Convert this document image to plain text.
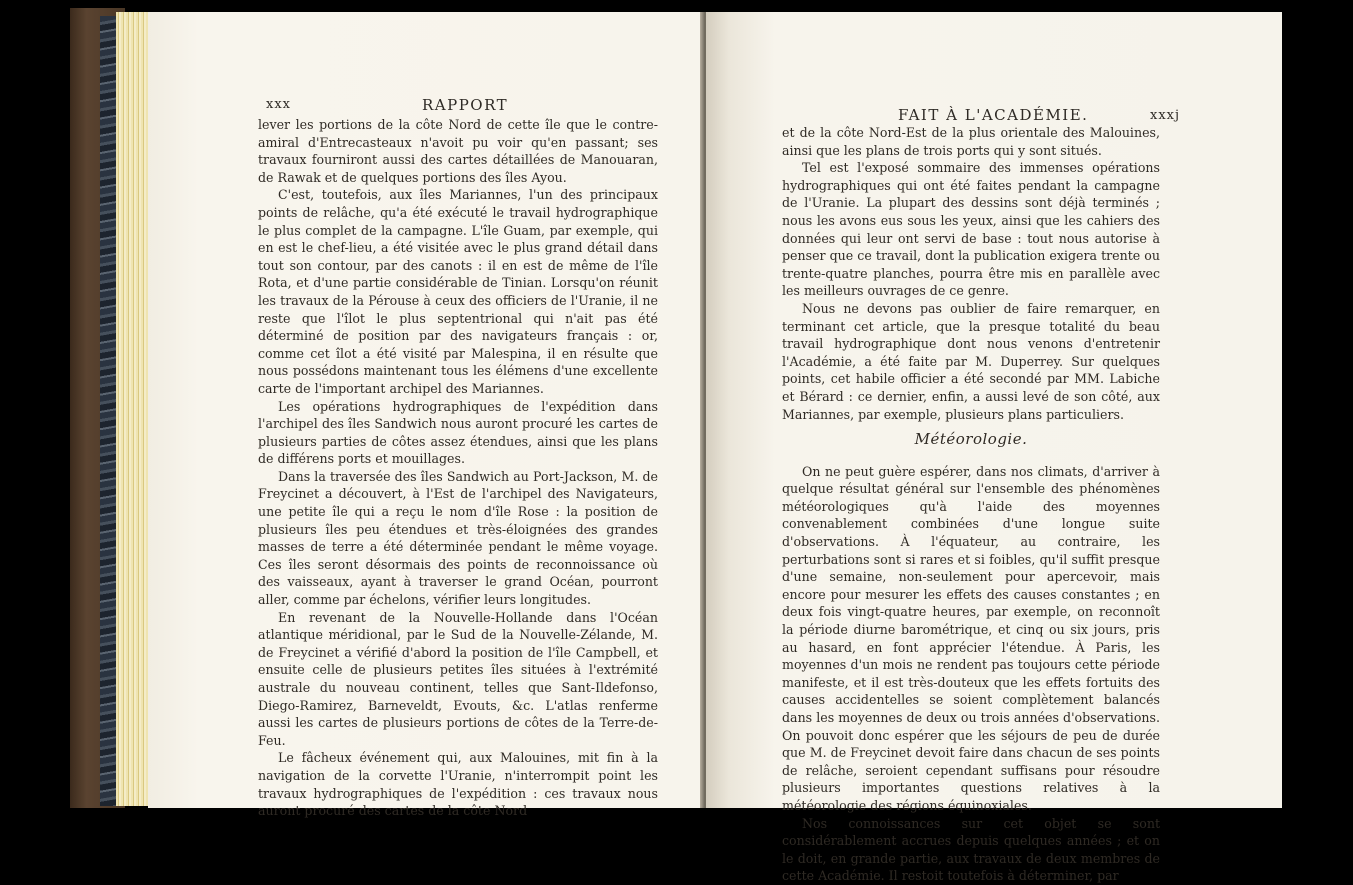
xxx	RAPPORT

lever les portions de la côte Nord de cette île que le contre-amiral d'Entrecasteaux n'avoit pu voir qu'en passant; ses travaux fourniront aussi des cartes détaillées de Manouaran, de Rawak et de quelques portions des îles Ayou.

C'est, toutefois, aux îles Mariannes, l'un des principaux points de relâche, qu'a été exécuté le travail hydrographique le plus complet de la campagne. L'île Guam, par exemple, qui en est le chef-lieu, a été visitée avec le plus grand détail dans tout son contour, par des canots : il en est de même de l'île Rota, et d'une partie considérable de Tinian. Lorsqu'on réunit les travaux de la Pérouse à ceux des officiers de l'Uranie, il ne reste que l'îlot le plus septentrional qui n'ait pas été déterminé de position par des navigateurs français : or, comme cet îlot a été visité par Malespina, il en résulte que nous possédons maintenant tous les élémens d'une excellente carte de l'important archipel des Mariannes.

Les opérations hydrographiques de l'expédition dans l'archipel des îles Sandwich nous auront procuré les cartes de plusieurs parties de côtes assez étendues, ainsi que les plans de différens ports et mouillages.

Dans la traversée des îles Sandwich au Port-Jackson, M. de Freycinet a découvert, à l'Est de l'archipel des Navigateurs, une petite île qui a reçu le nom d'île Rose : la position de plusieurs îles peu étendues et très-éloignées des grandes masses de terre a été déterminée pendant le même voyage. Ces îles seront désormais des points de reconnoissance où des vaisseaux, ayant à traverser le grand Océan, pourront aller, comme par échelons, vérifier leurs longitudes.

En revenant de la Nouvelle-Hollande dans l'Océan atlantique méridional, par le Sud de la Nouvelle-Zélande, M. de Freycinet a vérifié d'abord la position de l'île Campbell, et ensuite celle de plusieurs petites îles situées à l'extrémité australe du nouveau continent, telles que Sant-Ildefonso, Diego-Ramirez, Barneveldt, Evouts, &c. L'atlas renferme aussi les cartes de plusieurs portions de côtes de la Terre-de-Feu.

Le fâcheux événement qui, aux Malouines, mit fin à la navigation de la corvette l'Uranie, n'interrompit point les travaux hydrographiques de l'expédition : ces travaux nous auront procuré des cartes de la côte Nord

FAIT À L'ACADÉMIE.	xxxj

et de la côte Nord-Est de la plus orientale des Malouines, ainsi que les plans de trois ports qui y sont situés.

Tel est l'exposé sommaire des immenses opérations hydrographiques qui ont été faites pendant la campagne de l'Uranie. La plupart des dessins sont déjà terminés ; nous les avons eus sous les yeux, ainsi que les cahiers des données qui leur ont servi de base : tout nous autorise à penser que ce travail, dont la publication exigera trente ou trente-quatre planches, pourra être mis en parallèle avec les meilleurs ouvrages de ce genre.

Nous ne devons pas oublier de faire remarquer, en terminant cet article, que la presque totalité du beau travail hydrographique dont nous venons d'entretenir l'Académie, a été faite par M. Duperrey. Sur quelques points, cet habile officier a été secondé par MM. Labiche et Bérard : ce dernier, enfin, a aussi levé de son côté, aux Mariannes, par exemple, plusieurs plans particuliers.

Météorologie.

On ne peut guère espérer, dans nos climats, d'arriver à quelque résultat général sur l'ensemble des phénomènes météorologiques qu'à l'aide des moyennes convenablement combinées d'une longue suite d'observations. À l'équateur, au contraire, les perturbations sont si rares et si foibles, qu'il suffit presque d'une semaine, non-seulement pour apercevoir, mais encore pour mesurer les effets des causes constantes ; en deux fois vingt-quatre heures, par exemple, on reconnoît la période diurne barométrique, et cinq ou six jours, pris au hasard, en font apprécier l'étendue. À Paris, les moyennes d'un mois ne rendent pas toujours cette période manifeste, et il est très-douteux que les effets fortuits des causes accidentelles se soient complètement balancés dans les moyennes de deux ou trois années d'observations. On pouvoit donc espérer que les séjours de peu de durée que M. de Freycinet devoit faire dans chacun de ses points de relâche, seroient cependant suffisans pour résoudre plusieurs importantes questions relatives à la météorologie des régions équinoxiales.

Nos connoissances sur cet objet se sont considérablement accrues depuis quelques années ; et on le doit, en grande partie, aux travaux de deux membres de cette Académie. Il restoit toutefois à déterminer, par
